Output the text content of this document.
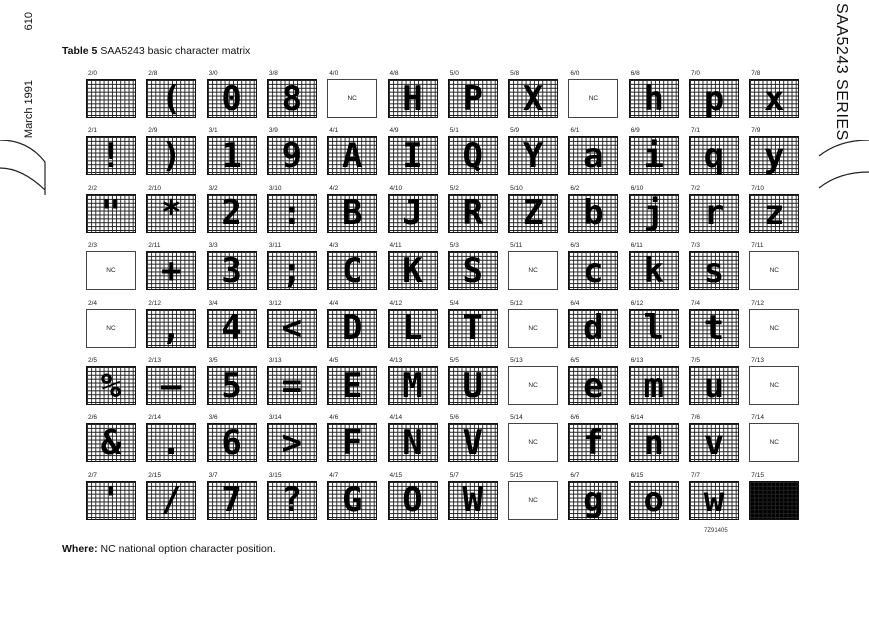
610
March 1991	SAA5243 SERIES
Table 5 SAA5243 basic character matrix
2/0	2/8
(
3/0
0
3/8
8
4/0
NC
4/8
H
5/0
P
5/8
X
6/0
NC
6/8
h
7/0
p
7/8
x
2/1
!
2/9
)
3/1
1
3/9
9
4/1
A
4/9
I
5/1
Q
5/9
Y
6/1
a
6/9
i
7/1
q
7/9
y
2/2
"
2/10
*
3/2
2
3/10
:
4/2
B
4/10
J
5/2
R
5/10
Z
6/2
b
6/10
j
7/2
r
7/10
z
2/3
NC
2/11
+
3/3
3
3/11
;
4/3
C
4/11
K
5/3
S
5/11
NC
6/3
c
6/11
k
7/3
s
7/11
NC
2/4
NC
2/12
,
3/4
4
3/12
<
4/4
D
4/12
L
5/4
T
5/12
NC
6/4
d
6/12
l
7/4
t
7/12
NC
2/5
%
2/13
—
3/5
5
3/13
=
4/5
E
4/13
M
5/5
U
5/13
NC
6/5
e
6/13
m
7/5
u
7/13
NC
2/6
&
2/14
.
3/6
6
3/14
>
4/6
F
4/14
N
5/6
V
5/14
NC
6/6
f
6/14
n
7/6
v
7/14
NC
2/7
'
2/15
/
3/7
7
3/15
?
4/7
G
4/15
O
5/7
W
5/15
NC
6/7
g
6/15
o
7/7
w
7/15
7Z91405
Where: NC national option character position.
